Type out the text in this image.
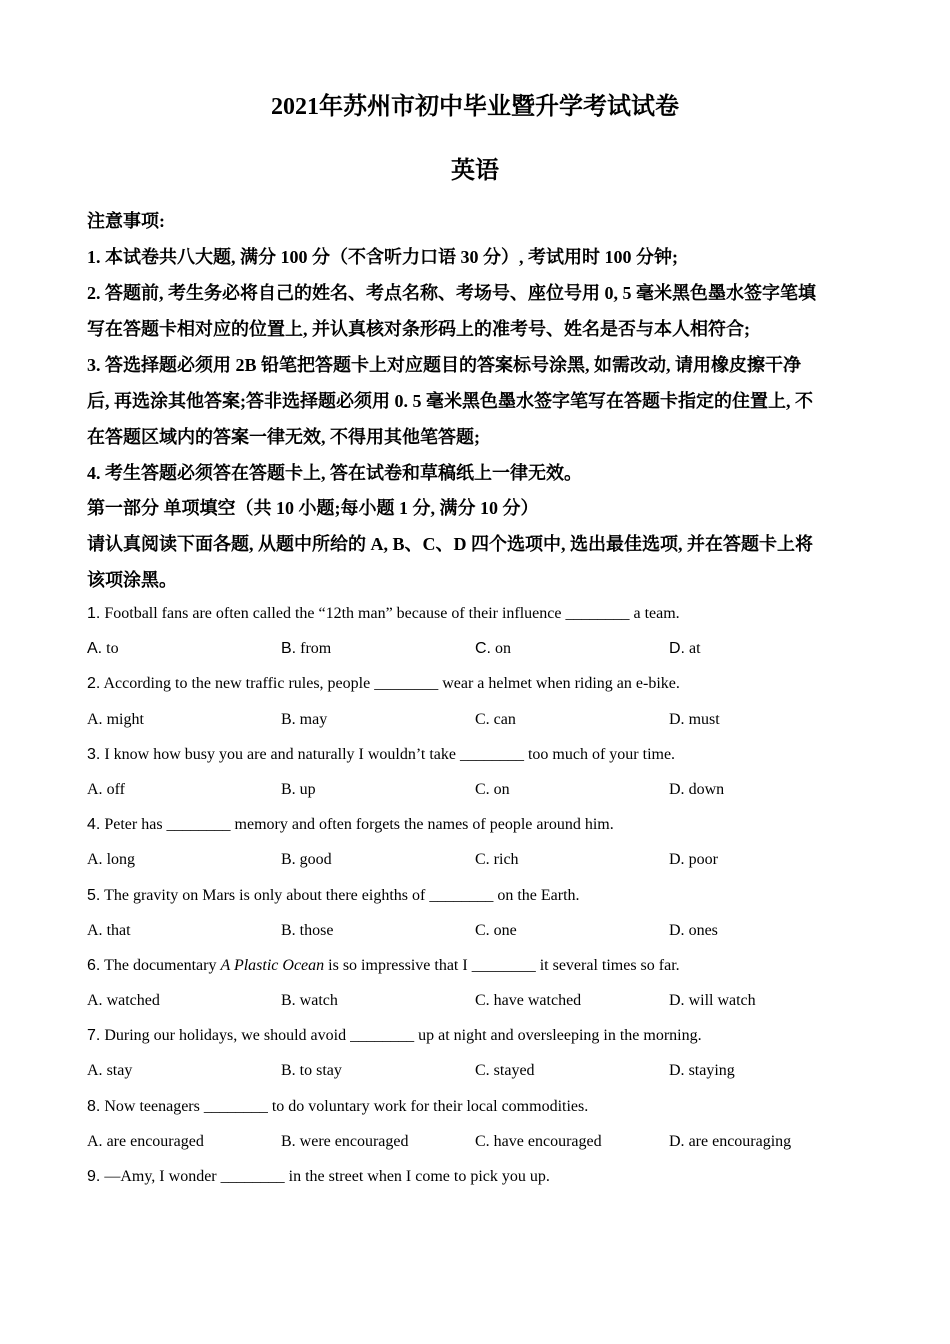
2021年苏州市初中毕业暨升学考试试卷
英语
注意事项:
1. 本试卷共八大题, 满分 100 分（不含听力口语 30 分）, 考试用时 100 分钟;
2. 答题前, 考生务必将自己的姓名、考点名称、考场号、座位号用 0, 5 毫米黑色墨水签字笔填
写在答题卡相对应的位置上, 并认真核对条形码上的准考号、姓名是否与本人相符合;
3. 答选择题必须用 2B 铅笔把答题卡上对应题目的答案标号涂黑, 如需改动, 请用橡皮擦干净
后, 再选涂其他答案;答非选择题必须用 0. 5 毫米黑色墨水签字笔写在答题卡指定的住置上, 不
在答题区域内的答案一律无效, 不得用其他笔答题;
4. 考生答题必须答在答题卡上, 答在试卷和草稿纸上一律无效。
第一部分 单项填空（共 10 小题;每小题 1 分, 满分 10 分）
请认真阅读下面各题, 从题中所给的 A, B、C、D 四个选项中, 选出最佳选项, 并在答题卡上将
该项涂黑。
1. Football fans are often called the “12th man” because of their influence ________ a team.
A. to	B. from	C. on	D. at
2. According to the new traffic rules, people ________ wear a helmet when riding an e-bike.
A. might	B. may	C. can	D. must
3. I know how busy you are and naturally I wouldn’t take ________ too much of your time.
A. off	B. up	C. on	D. down
4. Peter has ________ memory and often forgets the names of people around him.
A. long	B. good	C. rich	D. poor
5. The gravity on Mars is only about there eighths of ________ on the Earth.
A. that	B. those	C. one	D. ones
6. The documentary A Plastic Ocean is so impressive that I ________ it several times so far.
A. watched	B. watch	C. have watched	D. will watch
7. During our holidays, we should avoid ________ up at night and oversleeping in the morning.
A. stay	B. to stay	C. stayed	D. staying
8. Now teenagers ________ to do voluntary work for their local commodities.
A. are encouraged	B. were encouraged	C. have encouraged	D. are encouraging
9. —Amy, I wonder ________ in the street when I come to pick you up.
